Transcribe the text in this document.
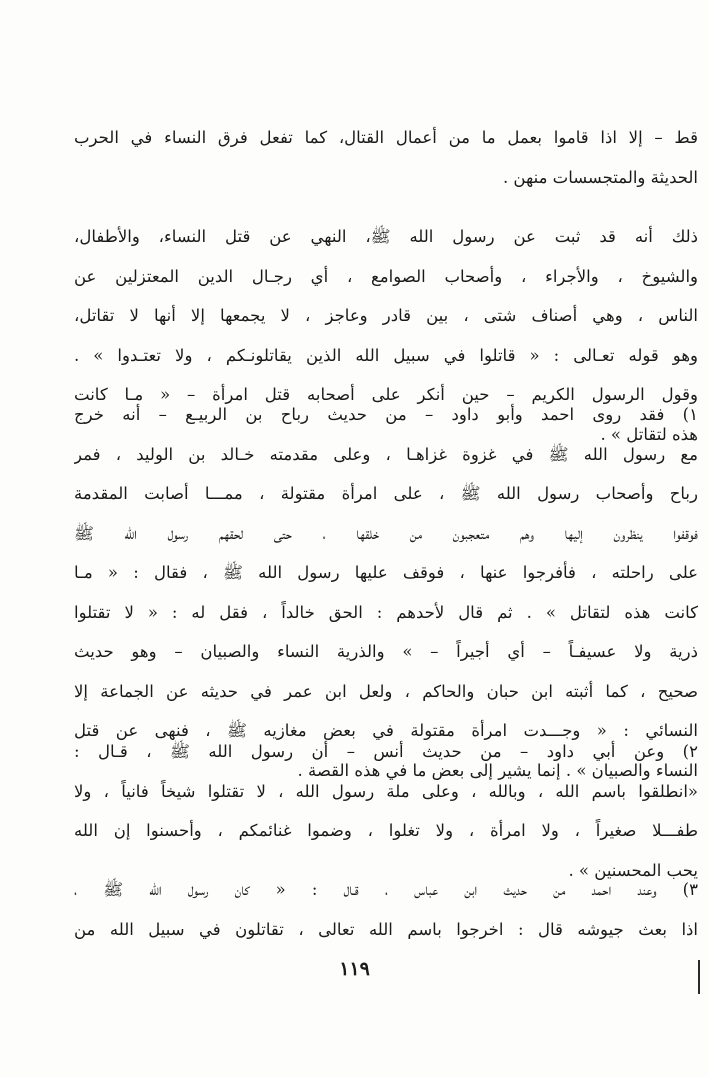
قط – إلا اذا قاموا بعمل ما من أعمال القتال، كما تفعل فرق النساء في الحرب
الحديثة والمتجسسات منهن .
ذلك أنه قد ثبت عن رسول الله ﷺ، النهي عن قتل النساء، والأطفال،
والشيوخ ، والأجراء ، وأصحاب الصوامع ، أي رجـال الدين المعتزلين عن
الناس ، وهي أصناف شتى ، بين قادر وعاجز ، لا يجمعها إلا أنها لا تقاتل،
وهو قوله تعـالى : « قاتلوا في سبيل الله الذين يقاتلونـكم ، ولا تعتـدوا » .
وقول الرسول الكريم – حين أنكر على أصحابه قتل امرأة – « مـا كانت
هذه لتقاتل » .
١) فقد روى احمد وأبو داود – من حديث رباح بن الربيـع – أنه خرج
مع رسول الله ﷺ في غزوة غزاهـا ، وعلى مقدمته خـالد بن الوليد ، فمر
رباح وأصحاب رسول الله ﷺ ، على امرأة مقتولة ، ممـــا أصابت المقدمة
فوقفوا ينظرون إليها وهم متعجبون من خلقها ، حتى لحقهم رسول الله ﷺ
على راحلته ، فأفرجوا عنها ، فوقف عليها رسول الله ﷺ ، فقال : « مـا
كانت هذه لتقاتل » . ثم قال لأحدهم : الحق خالداً ، فقل له : « لا تقتلوا
ذرية ولا عسيفـاً – أي أجيراً – » والذرية النساء والصبيان – وهو حديث
صحيح ، كما أثبته ابن حبان والحاكم ، ولعل ابن عمر في حديثه عن الجماعة إلا
النسائي : « وجـــدت امرأة مقتولة في بعض مغازيه ﷺ ، فنهى عن قتل
النساء والصبيان » . إنما يشير إلى بعض ما في هذه القصة .
٢) وعن أبي داود – من حديث أنس – أن رسول الله ﷺ ، قـال :
«انطلقوا باسم الله ، وبالله ، وعلى ملة رسول الله ، لا تقتلوا شيخاً فانياً ، ولا
طفـــلا صغيراً ، ولا امرأة ، ولا تغلوا ، وضموا غنائمكم ، وأحسنوا إن الله
يحب المحسنين » .
٣) وعند احمد من حديث ابن عباس ، قـال : « كان رسول الله ﷺ ،
اذا بعث جيوشه قال : اخرجوا باسم الله تعالى ، تقاتلون في سبيل الله من
١١٩
